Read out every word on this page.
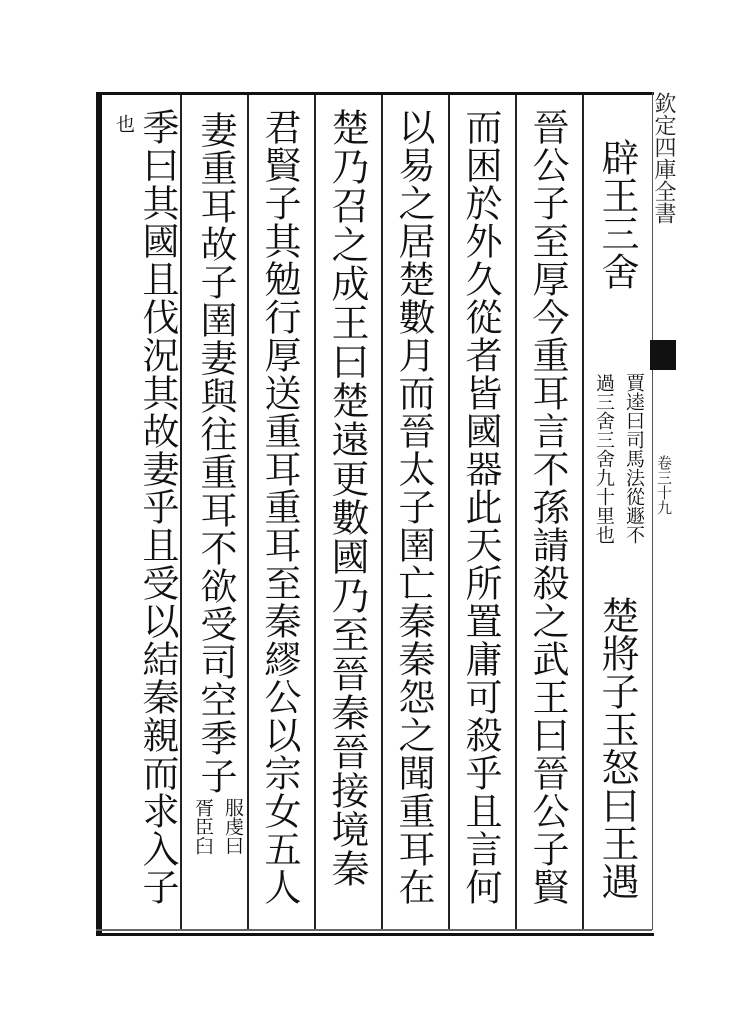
欽定四庫全書
卷三十九
辟王三舍
過三舍三舍九十里也 賈逵曰司馬法從遯不
楚將子玉怒曰王遇
晉公子至厚今重耳言不孫請殺之武王曰晉公子賢
而困於外久從者皆國器此天所置庸可殺乎且言何
以易之居楚數月而晉太子圉亡秦秦怨之聞重耳在
楚乃召之成王曰楚遠更數國乃至晉秦晉接境秦
君賢子其勉行厚送重耳重耳至秦繆公以宗女五人
妻重耳故子圉妻與往重耳不欲受司空季子
胥臣臼 服虔曰
也 季曰其國且伐況其故妻乎且受以結秦親而求入子
